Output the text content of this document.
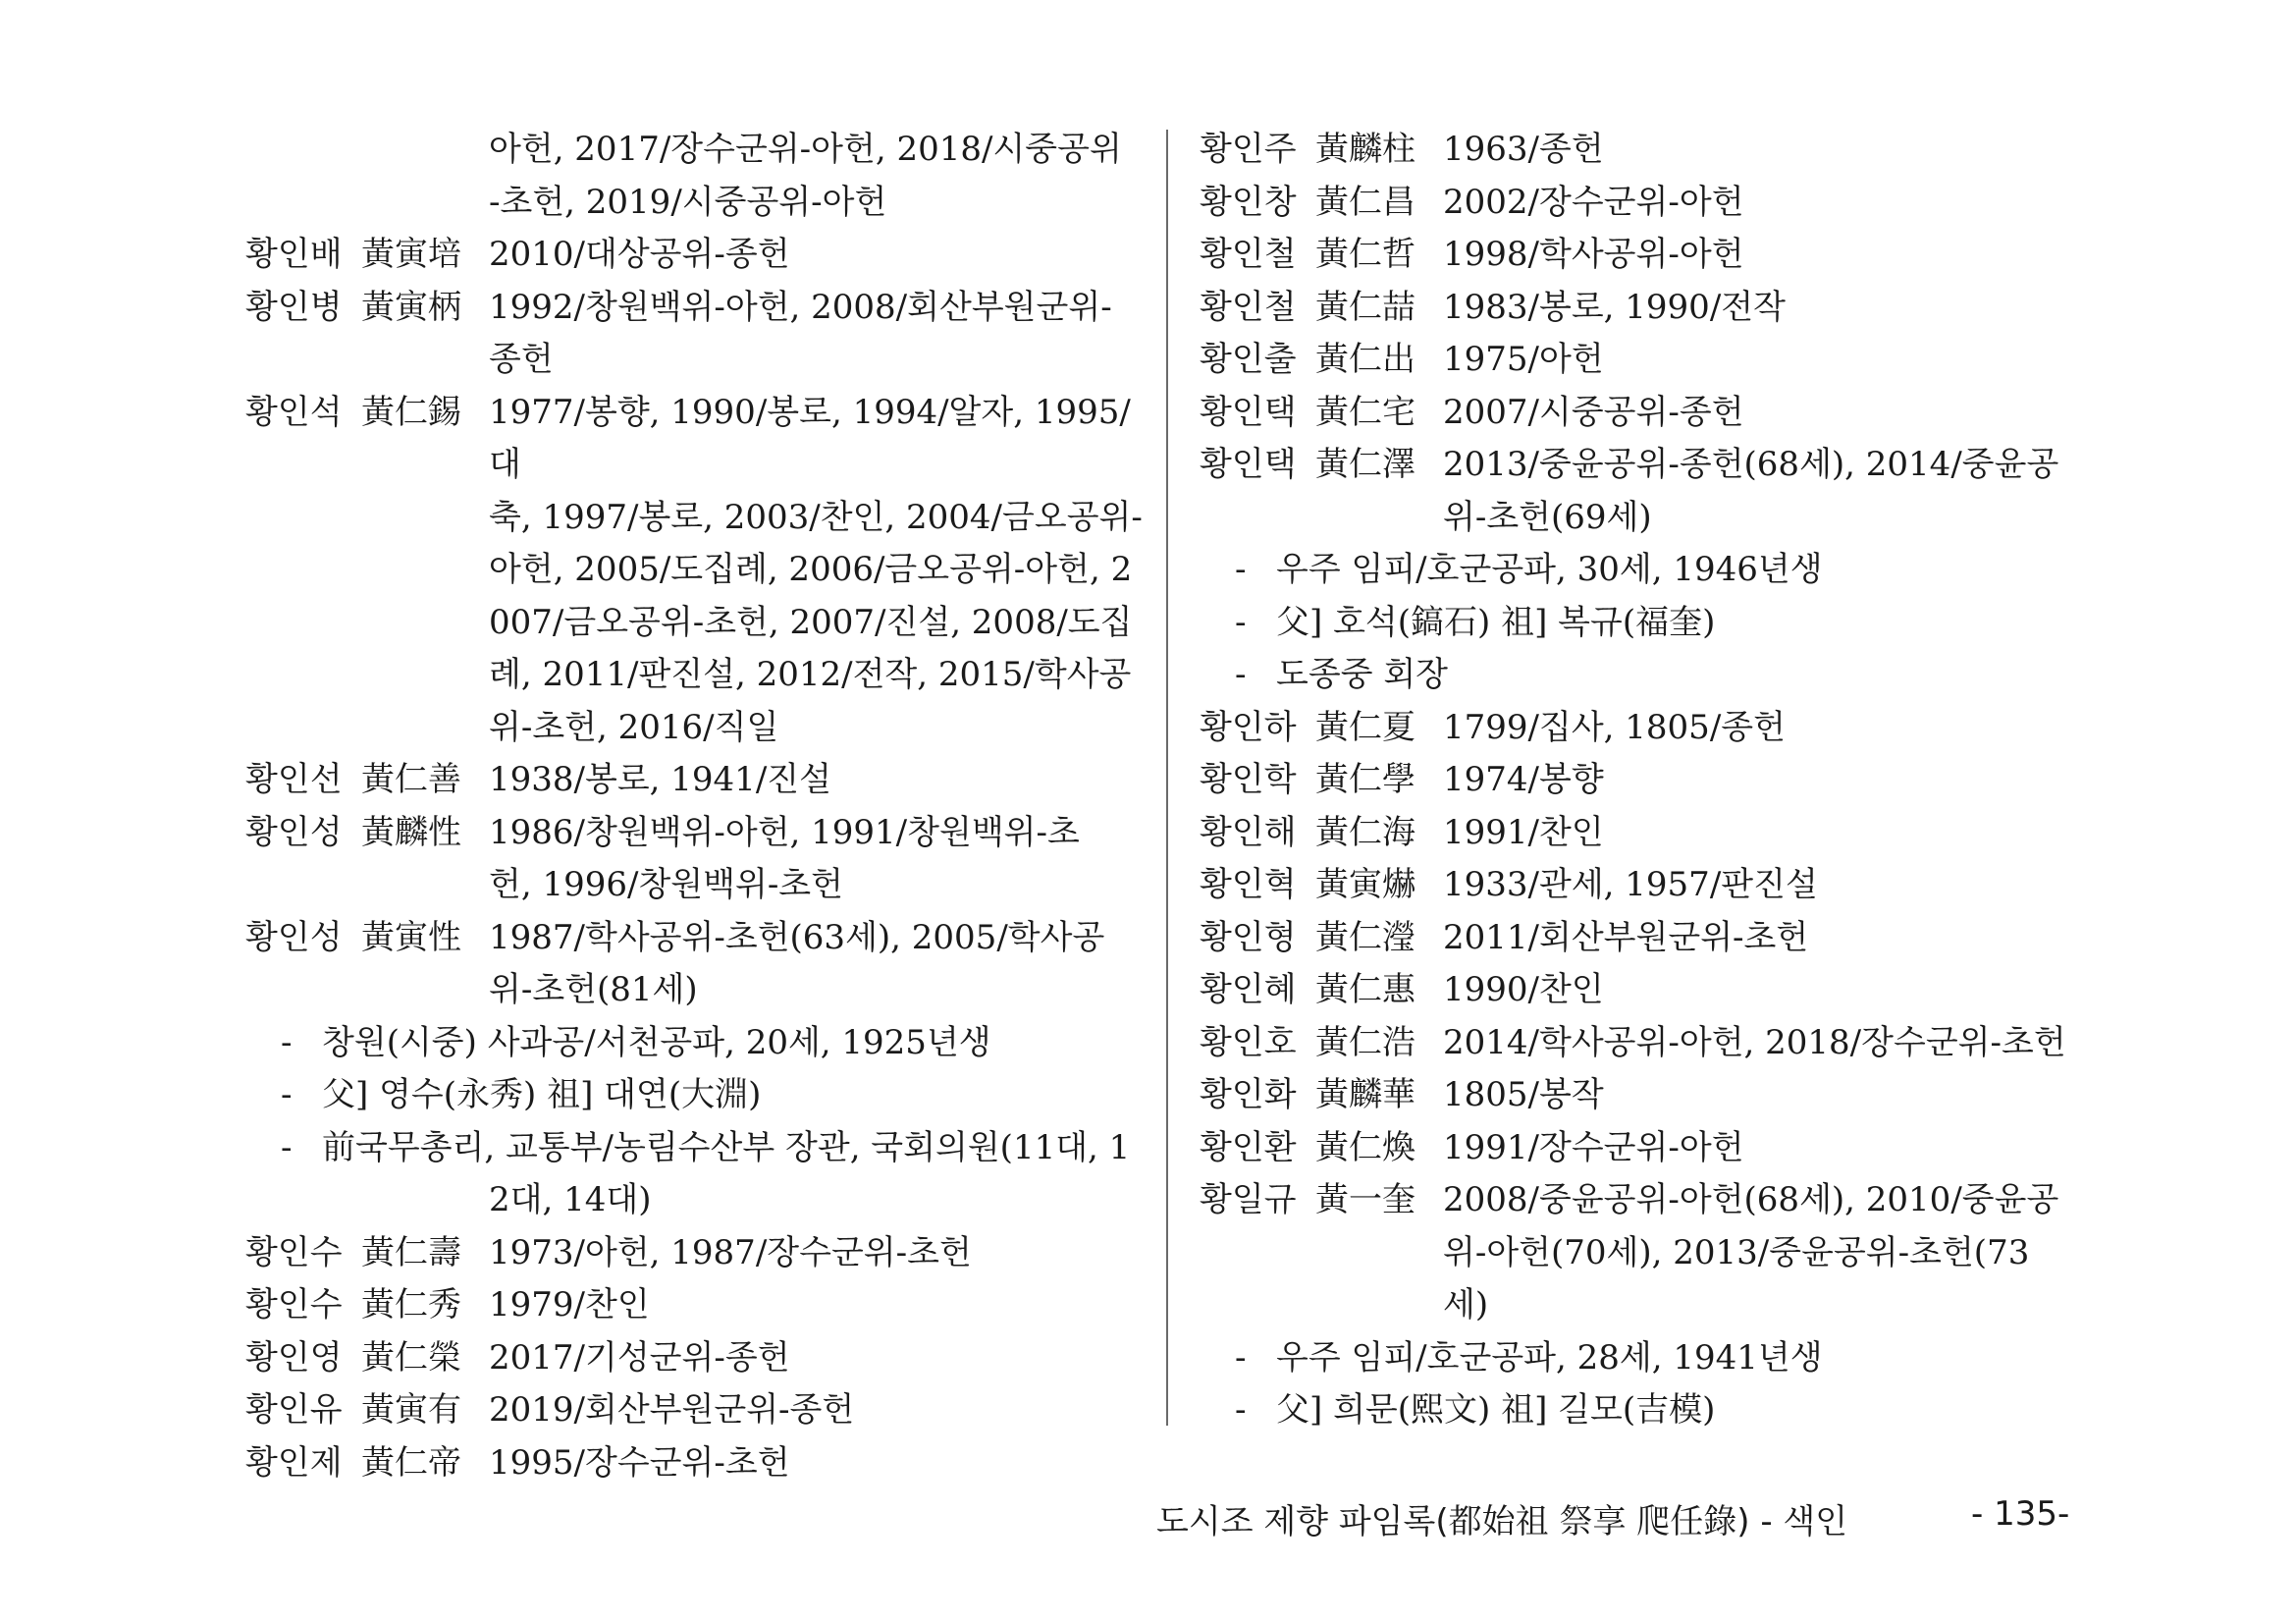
아헌, 2017/장수군위-아헌, 2018/시중공위
-초헌, 2019/시중공위-아헌
황인배 黃寅培 2010/대상공위-종헌
황인병 黃寅柄 1992/창원백위-아헌, 2008/회산부원군위-
종헌
황인석 黃仁錫 1977/봉향, 1990/봉로, 1994/알자, 1995/대
축, 1997/봉로, 2003/찬인, 2004/금오공위-
아헌, 2005/도집례, 2006/금오공위-아헌, 2
007/금오공위-초헌, 2007/진설, 2008/도집
례, 2011/판진설, 2012/전작, 2015/학사공
위-초헌, 2016/직일
황인선 黃仁善 1938/봉로, 1941/진설
황인성 黃麟性 1986/창원백위-아헌, 1991/창원백위-초
헌, 1996/창원백위-초헌
황인성 黃寅性 1987/학사공위-초헌(63세), 2005/학사공
위-초헌(81세)
- 창원(시중) 사과공/서천공파, 20세, 1925년생
- 父] 영수(永秀) 祖] 대연(大淵)
- 前국무총리, 교통부/농림수산부 장관, 국회의원(11대, 1
2대, 14대)
황인수 黃仁壽 1973/아헌, 1987/장수군위-초헌
황인수 黃仁秀 1979/찬인
황인영 黃仁榮 2017/기성군위-종헌
황인유 黃寅有 2019/회산부원군위-종헌
황인제 黃仁帝 1995/장수군위-초헌
황인주 黃麟柱 1963/종헌
황인창 黃仁昌 2002/장수군위-아헌
황인철 黃仁哲 1998/학사공위-아헌
황인철 黃仁喆 1983/봉로, 1990/전작
황인출 黃仁出 1975/아헌
황인택 黃仁宅 2007/시중공위-종헌
황인택 黃仁澤 2013/중윤공위-종헌(68세), 2014/중윤공
위-초헌(69세)
- 우주 임피/호군공파, 30세, 1946년생
- 父] 호석(鎬石) 祖] 복규(福奎)
- 도종중 회장
황인하 黃仁夏 1799/집사, 1805/종헌
황인학 黃仁學 1974/봉향
황인해 黃仁海 1991/찬인
황인혁 黃寅爀 1933/관세, 1957/판진설
황인형 黃仁瀅 2011/회산부원군위-초헌
황인혜 黃仁惠 1990/찬인
황인호 黃仁浩 2014/학사공위-아헌, 2018/장수군위-초헌
황인화 黃麟華 1805/봉작
황인환 黃仁煥 1991/장수군위-아헌
황일규 黃一奎 2008/중윤공위-아헌(68세), 2010/중윤공
위-아헌(70세), 2013/중윤공위-초헌(73
세)
- 우주 임피/호군공파, 28세, 1941년생
- 父] 희문(熙文) 祖] 길모(吉模)
도시조 제향 파임록(都始祖 祭享 爬任錄) - 색인	- 135-
